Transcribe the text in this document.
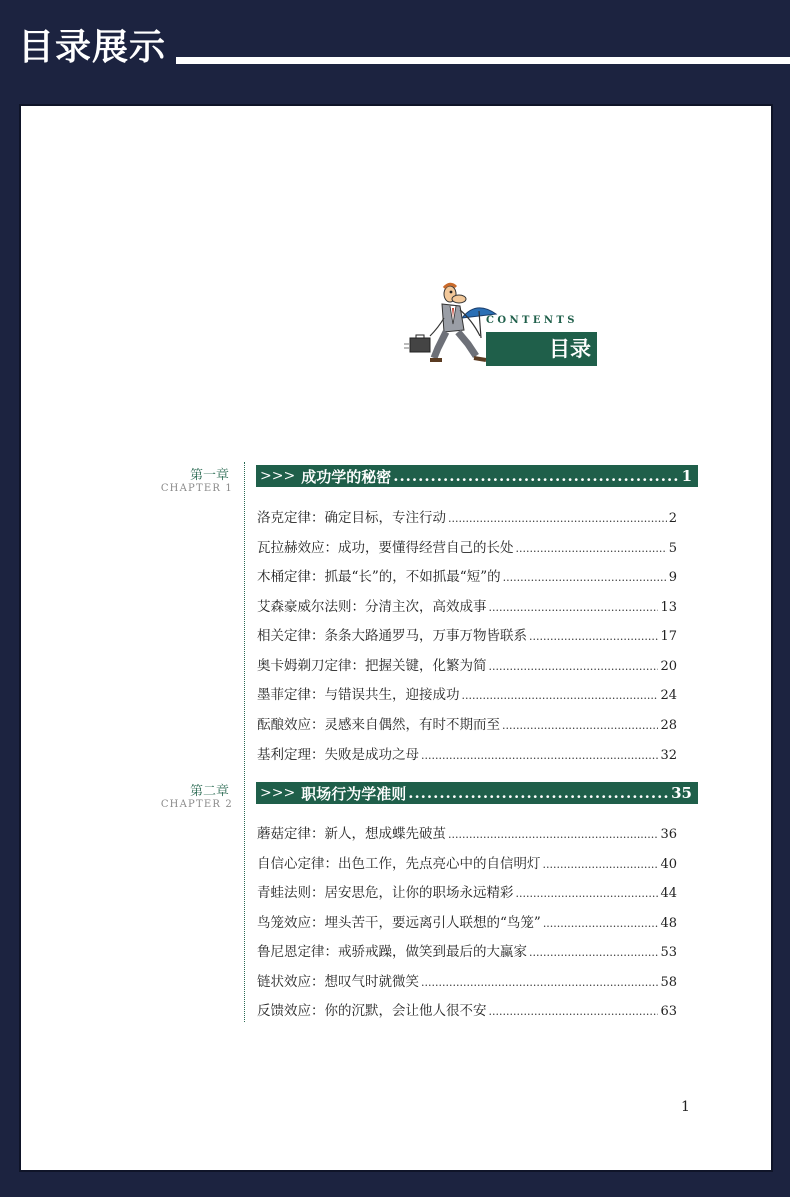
目录展示
CONTENTS
目录
第一章
CHAPTER 1
>>> 成功学的秘密 .....	1
洛克定律：确定目标，专注行动 .....	2
瓦拉赫效应：成功，要懂得经营自己的长处 .....	5
木桶定律：抓最“长”的，不如抓最“短”的 .....	9
艾森豪威尔法则：分清主次，高效成事 .....	13
相关定律：条条大路通罗马，万事万物皆联系 .....	17
奥卡姆剃刀定律：把握关键，化繁为简 .....	20
墨菲定律：与错误共生，迎接成功 .....	24
酝酿效应：灵感来自偶然，有时不期而至 .....	28
基利定理：失败是成功之母 .....	32
第二章
CHAPTER 2
>>> 职场行为学准则 .....	35
蘑菇定律：新人，想成蝶先破茧 .....	36
自信心定律：出色工作，先点亮心中的自信明灯 .....	40
青蛙法则：居安思危，让你的职场永远精彩 .....	44
鸟笼效应：埋头苦干，要远离引人联想的“鸟笼” .....	48
鲁尼恩定律：戒骄戒躁，做笑到最后的大赢家 .....	53
链状效应：想叹气时就微笑 .....	58
反馈效应：你的沉默，会让他人很不安 .....	63
1
